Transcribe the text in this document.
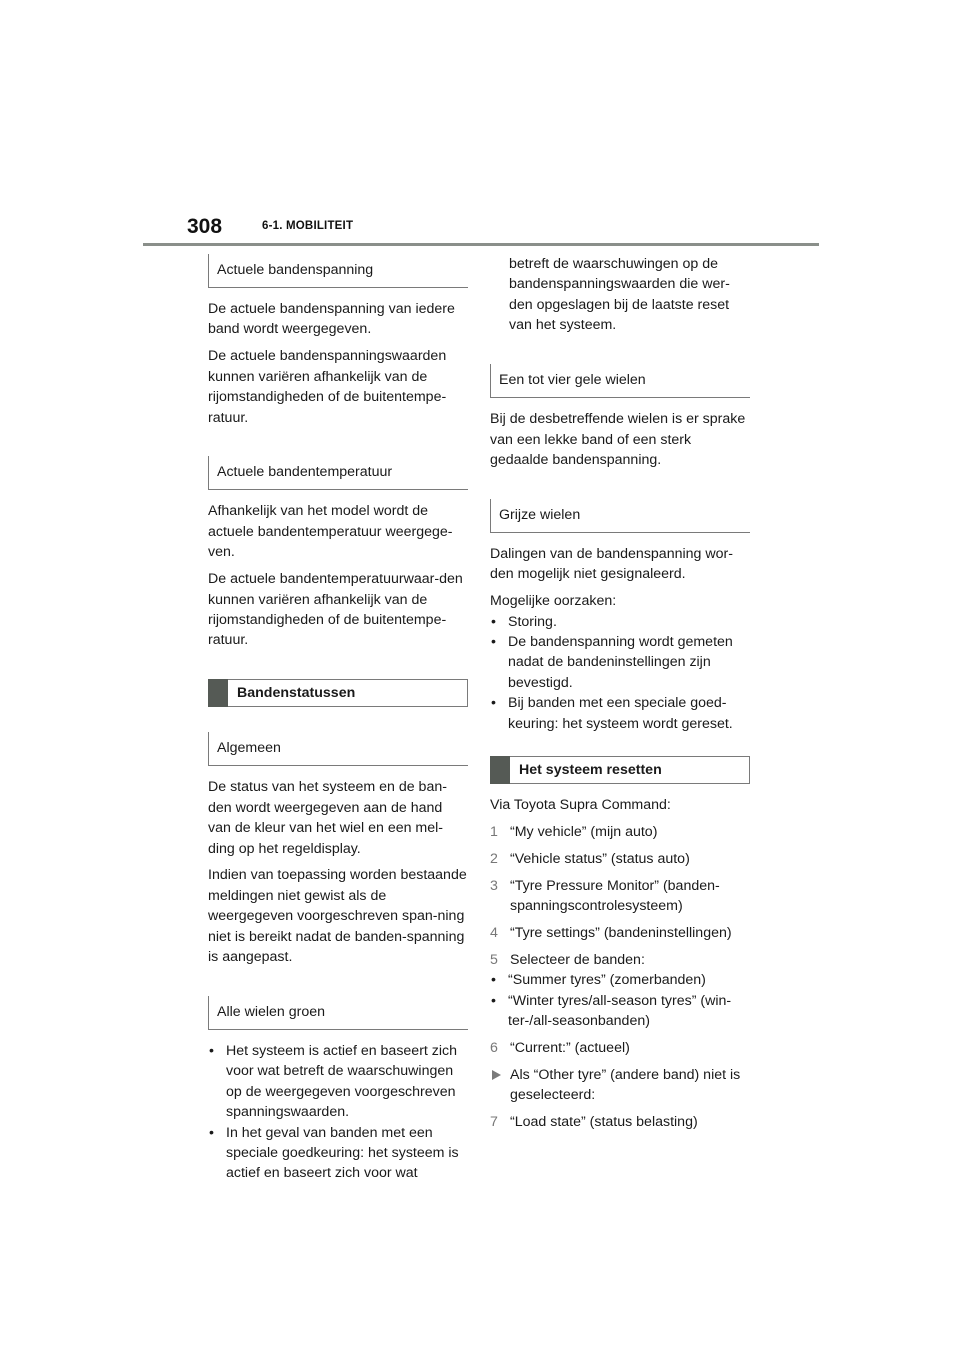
308	6-1. MOBILITEIT
Actuele bandenspanning

De actuele bandenspanning van iedere band wordt weergegeven.

De actuele bandenspanningswaarden kunnen variëren afhankelijk van de rijomstandigheden of de buitentempe-ratuur.

Actuele bandentemperatuur

Afhankelijk van het model wordt de actuele bandentemperatuur weergege-ven.

De actuele bandentemperatuurwaar-den kunnen variëren afhankelijk van de rijomstandigheden of de buitentempe-ratuur.

Bandenstatussen
Algemeen

De status van het systeem en de ban-den wordt weergegeven aan de hand van de kleur van het wiel en een mel-ding op het regeldisplay.

Indien van toepassing worden bestaande meldingen niet gewist als de weergegeven voorgeschreven span-ning niet is bereikt nadat de banden-spanning is aangepast.

Alle wielen groen
• Het systeem is actief en baseert zich voor wat betreft de waarschuwingen op de weergegeven voorgeschreven spanningswaarden.
• In het geval van banden met een speciale goedkeuring: het systeem is actief en baseert zich voor wat

betreft de waarschuwingen op de bandenspanningswaarden die wer-den opgeslagen bij de laatste reset van het systeem.

Een tot vier gele wielen

Bij de desbetreffende wielen is er sprake van een lekke band of een sterk gedaalde bandenspanning.

Grijze wielen

Dalingen van de bandenspanning wor-den mogelijk niet gesignaleerd.

Mogelijke oorzaken:

• Storing.
• De bandenspanning wordt gemeten nadat de bandeninstellingen zijn bevestigd.
• Bij banden met een speciale goed-keuring: het systeem wordt gereset.
Het systeem resetten

Via Toyota Supra Command:

1 “My vehicle” (mijn auto)
2 “Vehicle status” (status auto)
3 “Tyre Pressure Monitor” (banden-spanningscontrolesysteem)
4 “Tyre settings” (bandeninstellingen)
5 Selecteer de banden:
• “Summer tyres” (zomerbanden)
• “Winter tyres/all-season tyres” (win-ter-/all-seasonbanden)
6 “Current:” (actueel)
Als “Other tyre” (andere band) niet is geselecteerd:
7 “Load state” (status belasting)
